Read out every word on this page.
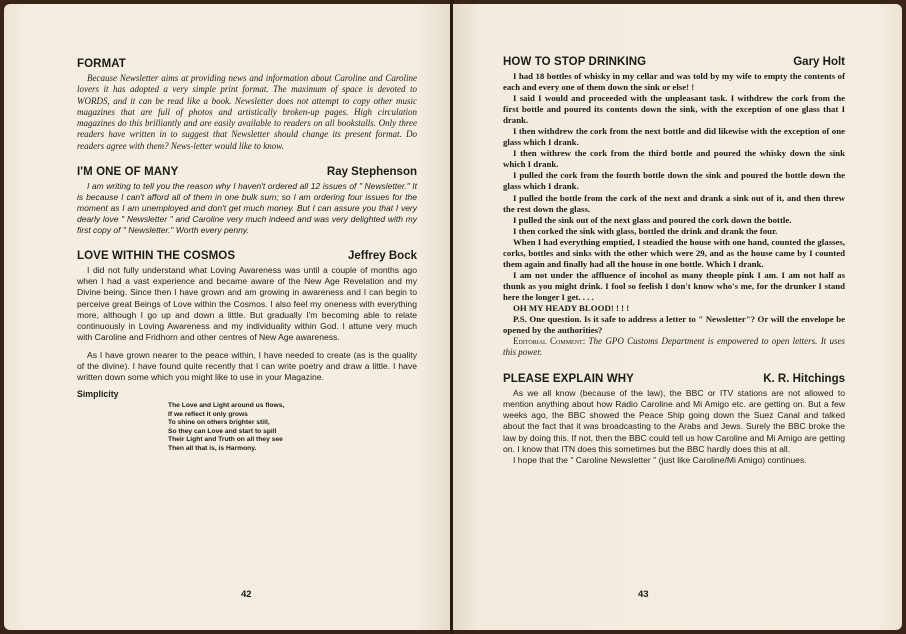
FORMAT

Because Newsletter aims at providing news and information about Caroline and Caroline lovers it has adopted a very simple print format. The maximum of space is devoted to WORDS, and it can be read like a book. Newsletter does not attempt to copy other music magazines that are full of photos and artistically broken-up pages. High circulation magazines do this brilliantly and are easily available to readers on all bookstalls. Only three readers have written in to suggest that Newsletter should change its present format. Do readers agree with them? News-letter would like to know.

I'M ONE OF MANY	Ray Stephenson

I am writing to tell you the reason why I haven't ordered all 12 issues of " Newsletter." It is because I can't afford all of them in one bulk sum; so I am ordering four issues for the moment as I am unemployed and don't get much money. But I can assure you that I very dearly love " Newsletter " and Caroline very much indeed and was very delighted with my first copy of " Newsletter." Worth every penny.

LOVE WITHIN THE COSMOS	Jeffrey Bock

I did not fully understand what Loving Awareness was until a couple of months ago when I had a vast experience and became aware of the New Age Revelation and my Divine being. Since then I have grown and am growing in awareness and I can begin to perceive great Beings of Love within the Cosmos. I also feel my oneness with everything more, although I go up and down a little. But gradually I'm becoming able to relate continuously in Loving Awareness and my individuality within God. I attune very much with Caroline and Fridhorn and other centres of New Age awareness.

As I have grown nearer to the peace within, I have needed to create (as is the quality of the divine). I have found quite recently that I can write poetry and draw a little. I have written down some which you might like to use in your Magazine.

Simplicity
The Love and Light around us flows,
If we reflect it only grows
To shine on others brighter still,
So they can Love and start to spill
Their Light and Truth on all they see
Then all that is, is Harmony.
42
HOW TO STOP DRINKING	Gary Holt

I had 18 bottles of whisky in my cellar and was told by my wife to empty the contents of each and every one of them down the sink or else! !

I said I would and proceeded with the unpleasant task. I withdrew the cork from the first bottle and poured its contents down the sink, with the exception of one glass that I drank.

I then withdrew the cork from the next bottle and did likewise with the exception of one glass which I drank.

I then withrew the cork from the third bottle and poured the whisky down the sink which I drank.

I pulled the cork from the fourth bottle down the sink and poured the bottle down the glass which I drank.

I pulled the bottle from the cork of the next and drank a sink out of it, and then threw the rest down the glass.

I pulled the sink out of the next glass and poured the cork down the bottle.

I then corked the sink with glass, bottled the drink and drank the four.

When I had everything emptied, I steadied the house with one hand, counted the glasses, corks, bottles and sinks with the other which were 29, and as the house came by I counted them again and finally had all the house in one bottle. Which I drank.

I am not under the affluence of incohol as many theople pink I am. I am not half as thunk as you might drink. I fool so feelish I don't know who's me, for the drunker I stand here the longer I get. . . .

OH MY HEADY BLOOD! ! ! !

P.S. One question. Is it safe to address a letter to " Newsletter"? Or will the envelope be opened by the authorities?

Editorial Comment: The GPO Customs Department is empowered to open letters. It uses this power.

PLEASE EXPLAIN WHY	K. R. Hitchings

As we all know (because of the law), the BBC or ITV stations are not allowed to mention anything about how Radio Caroline and Mi Amigo etc. are getting on. But a few weeks ago, the BBC showed the Peace Ship going down the Suez Canal and talked about the fact that it was broadcasting to the Arabs and Jews. Surely the BBC broke the law by doing this. If not, then the BBC could tell us how Caroline and Mi Amigo are getting on. I know that ITN does this sometimes but the BBC hardly does this at all.

I hope that the " Caroline Newsletter " (just like Caroline/Mi Amigo) continues.

43
